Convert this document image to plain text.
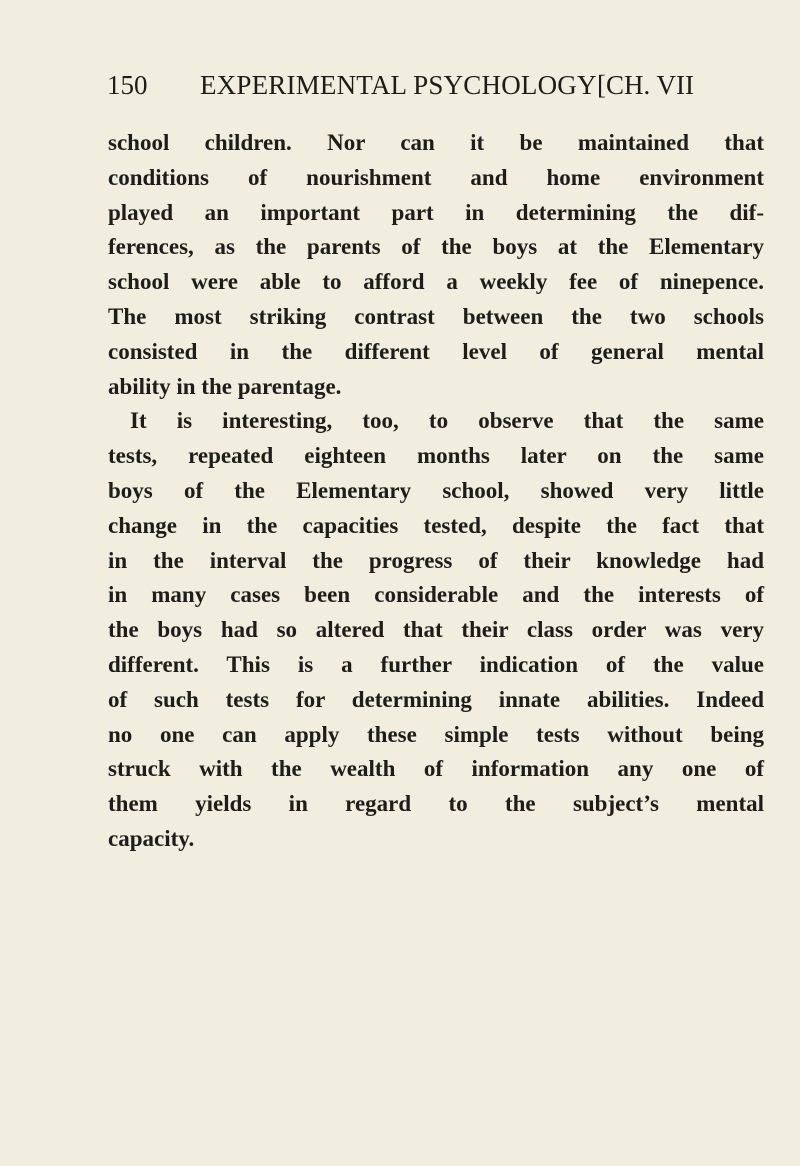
150 EXPERIMENTAL PSYCHOLOGY [CH. VII
school children. Nor can it be maintained that
conditions of nourishment and home environment
played an important part in determining the dif-
ferences, as the parents of the boys at the Elementary
school were able to afford a weekly fee of ninepence.
The most striking contrast between the two schools
consisted in the different level of general mental
ability in the parentage.
It is interesting, too, to observe that the same
tests, repeated eighteen months later on the same
boys of the Elementary school, showed very little
change in the capacities tested, despite the fact that
in the interval the progress of their knowledge had
in many cases been considerable and the interests of
the boys had so altered that their class order was very
different. This is a further indication of the value
of such tests for determining innate abilities. Indeed
no one can apply these simple tests without being
struck with the wealth of information any one of
them yields in regard to the subject’s mental
capacity.
